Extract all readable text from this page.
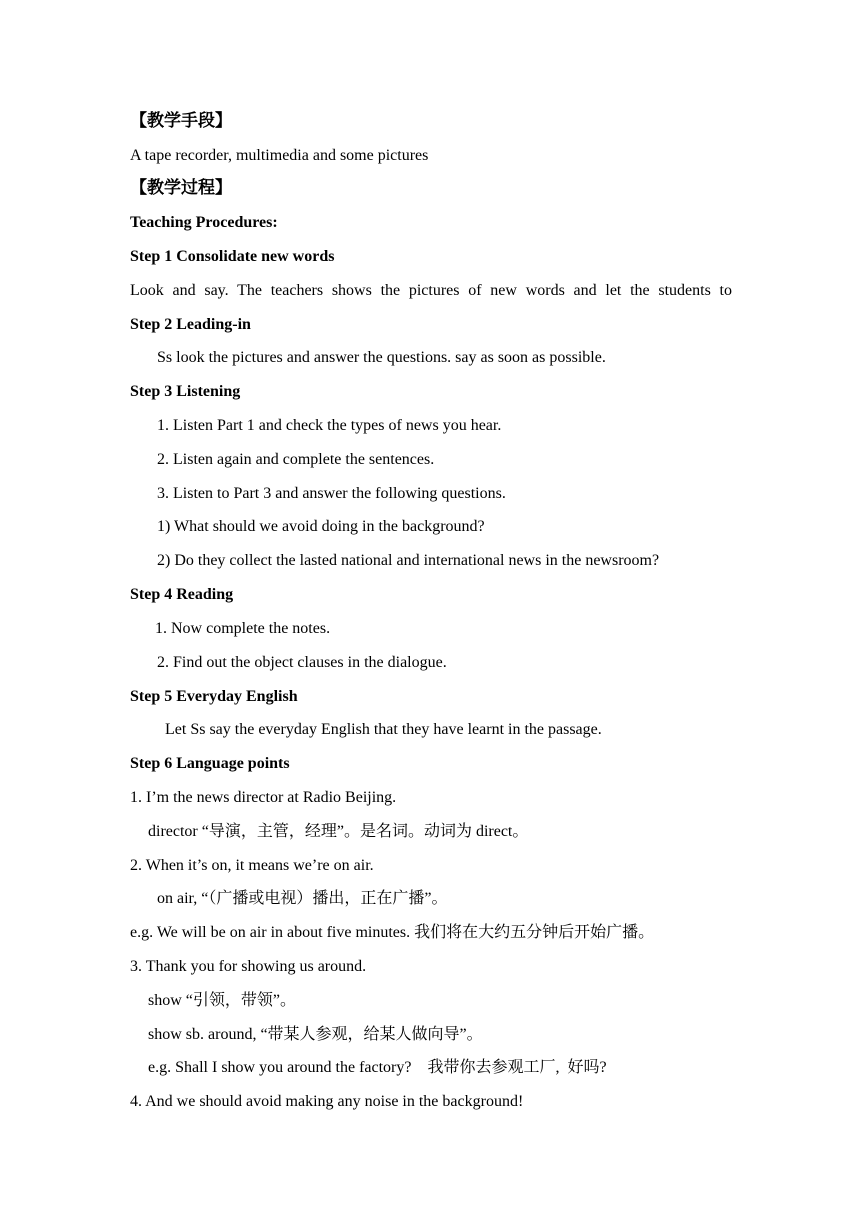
【教学手段】
A tape recorder, multimedia and some pictures
【教学过程】
Teaching Procedures:
Step 1 Consolidate new words
Look and say. The teachers shows the pictures of new words and let the students to
Step 2 Leading-in
Ss look the pictures and answer the questions. say as soon as possible.
Step 3 Listening
1. Listen Part 1 and check the types of news you hear.
2. Listen again and complete the sentences.
3. Listen to Part 3 and answer the following questions.
1) What should we avoid doing in the background?
2) Do they collect the lasted national and international news in the newsroom?
Step 4 Reading
1. Now complete the notes.
2. Find out the object clauses in the dialogue.
Step 5 Everyday English
Let Ss say the everyday English that they have learnt in the passage.
Step 6 Language points
1. I’m the news director at Radio Beijing.
director “导演，主管，经理”。是名词。动词为 direct。
2. When it’s on, it means we’re on air.
on air, “（广播或电视）播出，正在广播”。
e.g. We will be on air in about five minutes. 我们将在大约五分钟后开始广播。
3. Thank you for showing us around.
show “引领，带领”。
show sb. around, “带某人参观，给某人做向导”。
e.g. Shall I show you around the factory?    我带你去参观工厂,  好吗?
4. And we should avoid making any noise in the background!
